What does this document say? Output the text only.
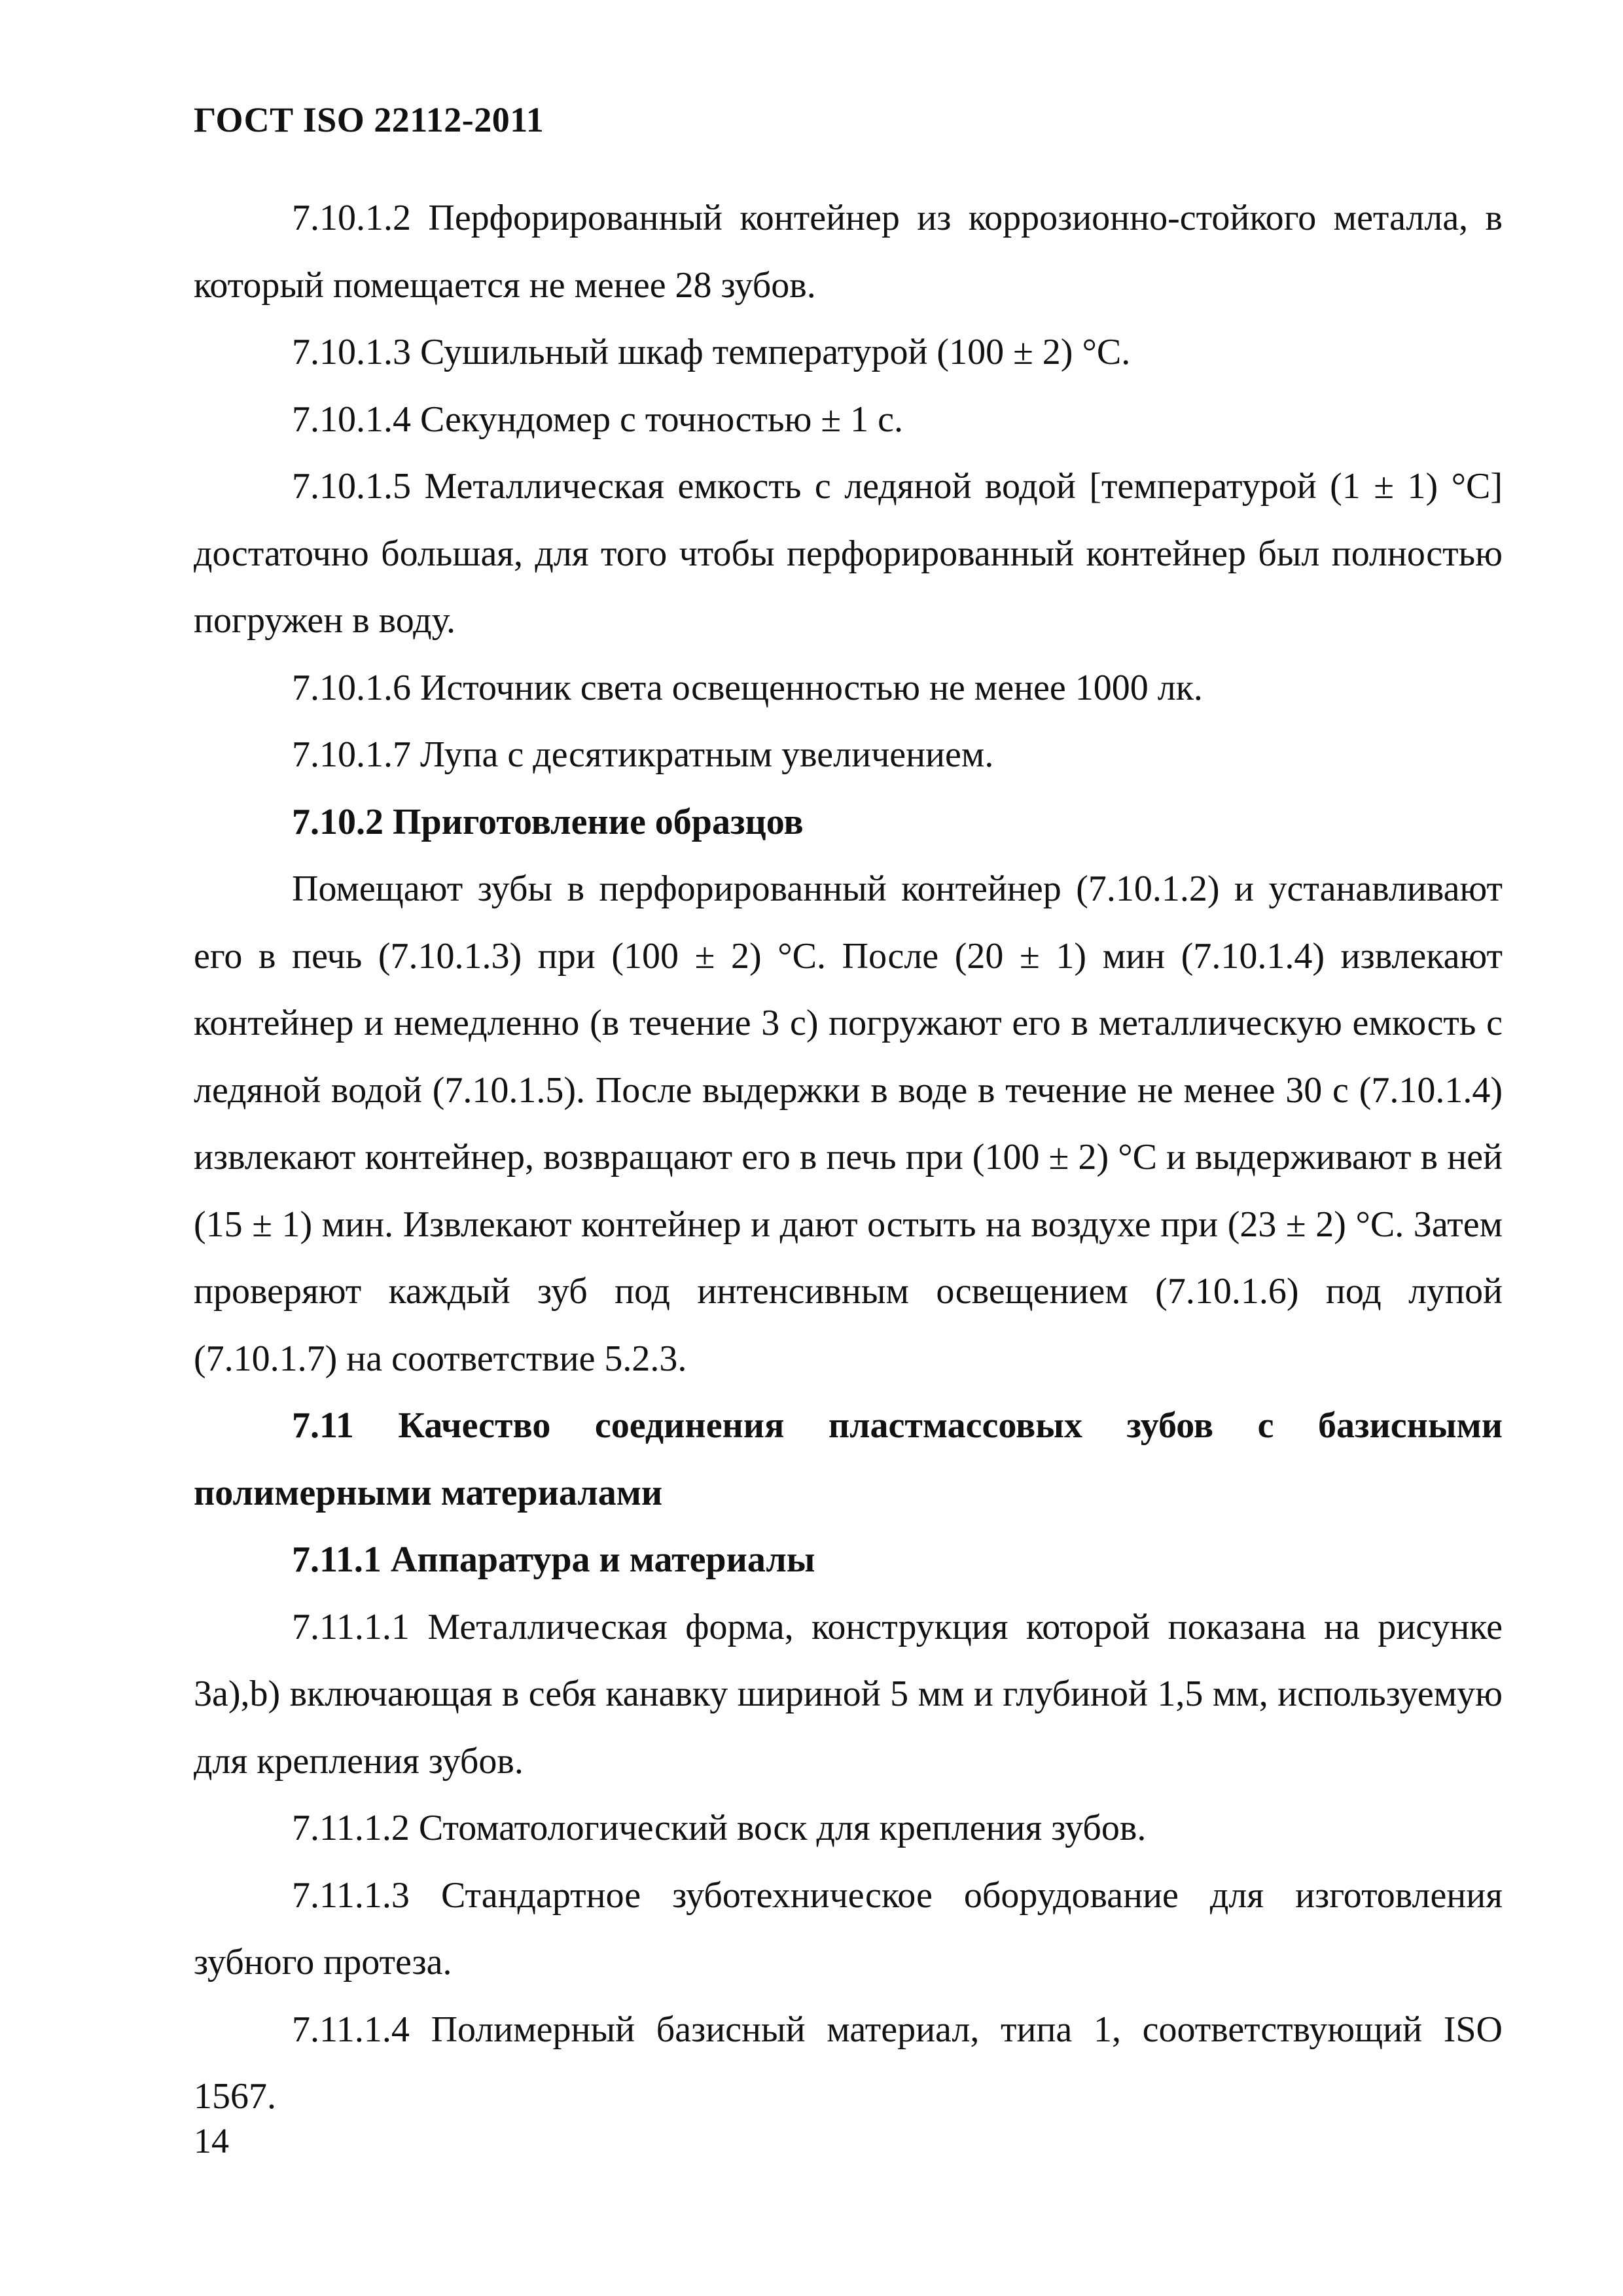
ГОСТ ISO 22112-2011

7.10.1.2 Перфорированный контейнер из коррозионно-стойкого металла, в который помещается не менее 28 зубов.

7.10.1.3 Сушильный шкаф температурой (100 ± 2) °С.

7.10.1.4 Секундомер с точностью ± 1 с.

7.10.1.5 Металлическая емкость с ледяной водой [температурой (1 ± 1) °С] достаточно большая, для того чтобы перфорированный контейнер был полностью погружен в воду.

7.10.1.6 Источник света освещенностью не менее 1000 лк.

7.10.1.7 Лупа с десятикратным увеличением.

7.10.2 Приготовление образцов

Помещают зубы в перфорированный контейнер (7.10.1.2) и устанавливают его в печь (7.10.1.3) при (100 ± 2) °С. После (20 ± 1) мин (7.10.1.4) извлекают контейнер и немедленно (в течение 3 с) погружают его в металлическую емкость с ледяной водой (7.10.1.5). После выдержки в воде в течение не менее 30 с (7.10.1.4) извлекают контейнер, возвращают его в печь при (100 ± 2) °С и выдерживают в ней (15 ± 1) мин. Извлекают контейнер и дают остыть на воздухе при (23 ± 2) °С. Затем проверяют каждый зуб под интенсивным освещением (7.10.1.6) под лупой (7.10.1.7) на соответствие 5.2.3.

7.11 Качество соединения пластмассовых зубов с базисными полимерными материалами

7.11.1 Аппаратура и материалы

7.11.1.1 Металлическая форма, конструкция которой показана на рисунке 3а),b) включающая в себя канавку шириной 5 мм и глубиной 1,5 мм, используемую для крепления зубов.

7.11.1.2 Стоматологический воск для крепления зубов.

7.11.1.3 Стандартное зуботехническое оборудование для изготовления зубного протеза.

7.11.1.4 Полимерный базисный материал, типа 1, соответствующий ISO 1567.

14
